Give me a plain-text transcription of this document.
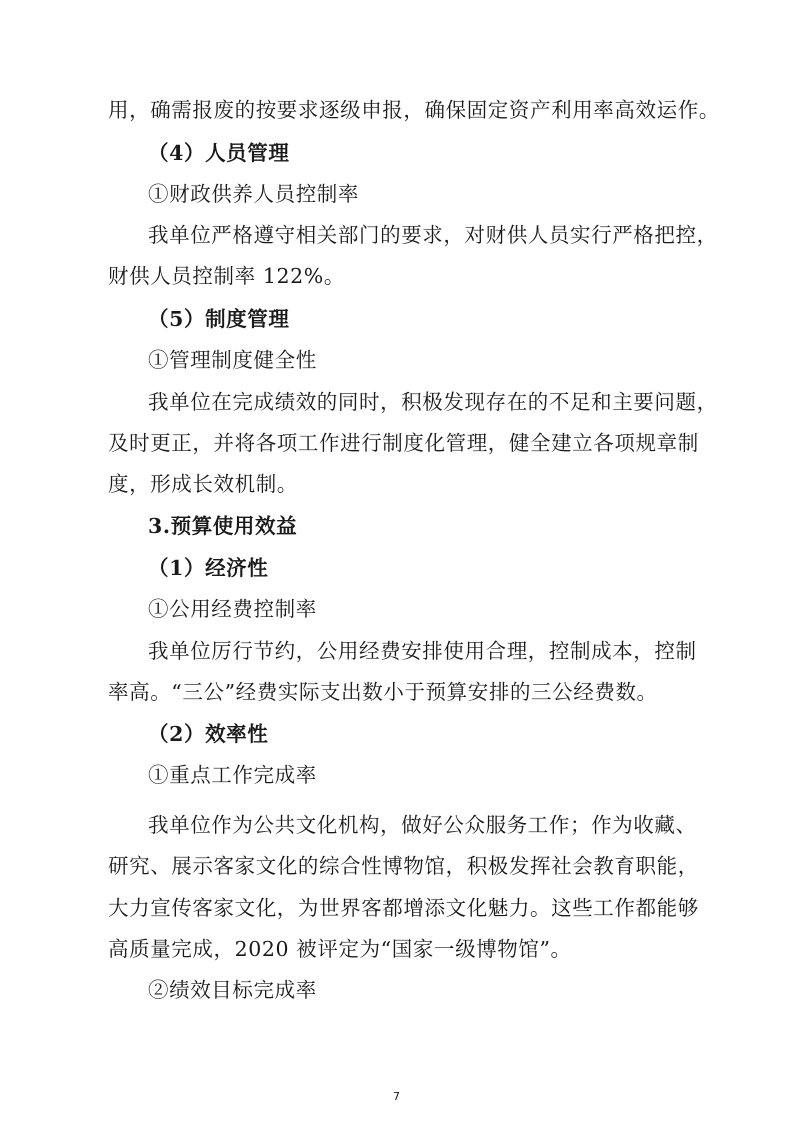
用，确需报废的按要求逐级申报，确保固定资产利用率高效运作。
（4）人员管理
①财政供养人员控制率
我单位严格遵守相关部门的要求，对财供人员实行严格把控，
财供人员控制率 122%。
（5）制度管理
①管理制度健全性
我单位在完成绩效的同时，积极发现存在的不足和主要问题，
及时更正，并将各项工作进行制度化管理，健全建立各项规章制
度，形成长效机制。
3.预算使用效益
（1）经济性
①公用经费控制率
我单位厉行节约，公用经费安排使用合理，控制成本，控制
率高。“三公”经费实际支出数小于预算安排的三公经费数。
（2）效率性
①重点工作完成率
我单位作为公共文化机构，做好公众服务工作；作为收藏、
研究、展示客家文化的综合性博物馆，积极发挥社会教育职能，
大力宣传客家文化，为世界客都增添文化魅力。这些工作都能够
高质量完成，2020 被评定为“国家一级博物馆”。
②绩效目标完成率
7
